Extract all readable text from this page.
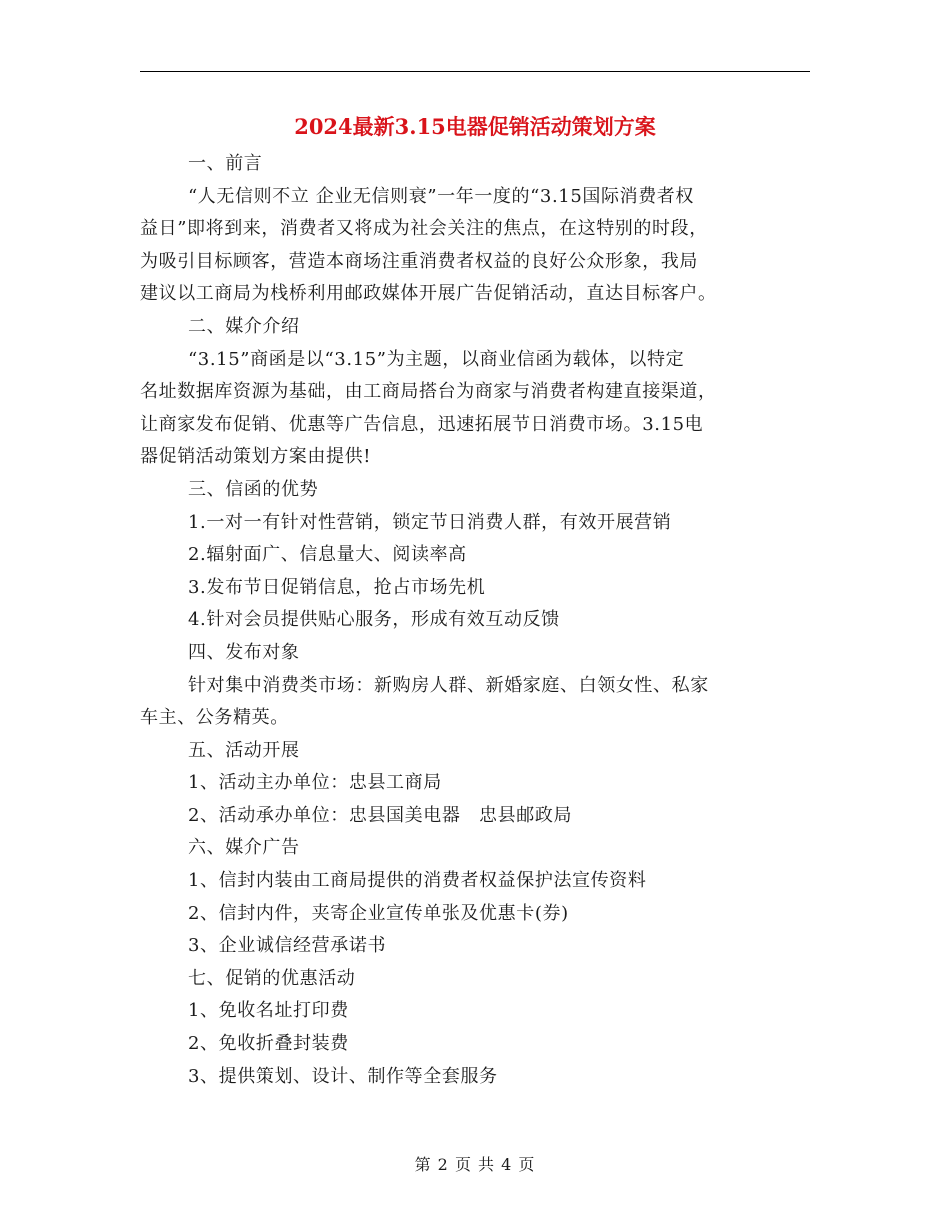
2024最新3.15电器促销活动策划方案
一、前言
“人无信则不立 企业无信则衰”一年一度的“3.15国际消费者权
益日”即将到来，消费者又将成为社会关注的焦点，在这特别的时段，
为吸引目标顾客，营造本商场注重消费者权益的良好公众形象，我局
建议以工商局为栈桥利用邮政媒体开展广告促销活动，直达目标客户。
二、媒介介绍
“3.15”商函是以“3.15”为主题，以商业信函为载体，以特定
名址数据库资源为基础，由工商局搭台为商家与消费者构建直接渠道，
让商家发布促销、优惠等广告信息，迅速拓展节日消费市场。3.15电
器促销活动策划方案由提供!
三、信函的优势
1.一对一有针对性营销，锁定节日消费人群，有效开展营销
2.辐射面广、信息量大、阅读率高
3.发布节日促销信息，抢占市场先机
4.针对会员提供贴心服务，形成有效互动反馈
四、发布对象
针对集中消费类市场：新购房人群、新婚家庭、白领女性、私家
车主、公务精英。
五、活动开展
1、活动主办单位：忠县工商局
2、活动承办单位：忠县国美电器　忠县邮政局
六、媒介广告
1、信封内装由工商局提供的消费者权益保护法宣传资料
2、信封内件，夹寄企业宣传单张及优惠卡(券)
3、企业诚信经营承诺书
七、促销的优惠活动
1、免收名址打印费
2、免收折叠封装费
3、提供策划、设计、制作等全套服务
第 2 页 共 4 页
